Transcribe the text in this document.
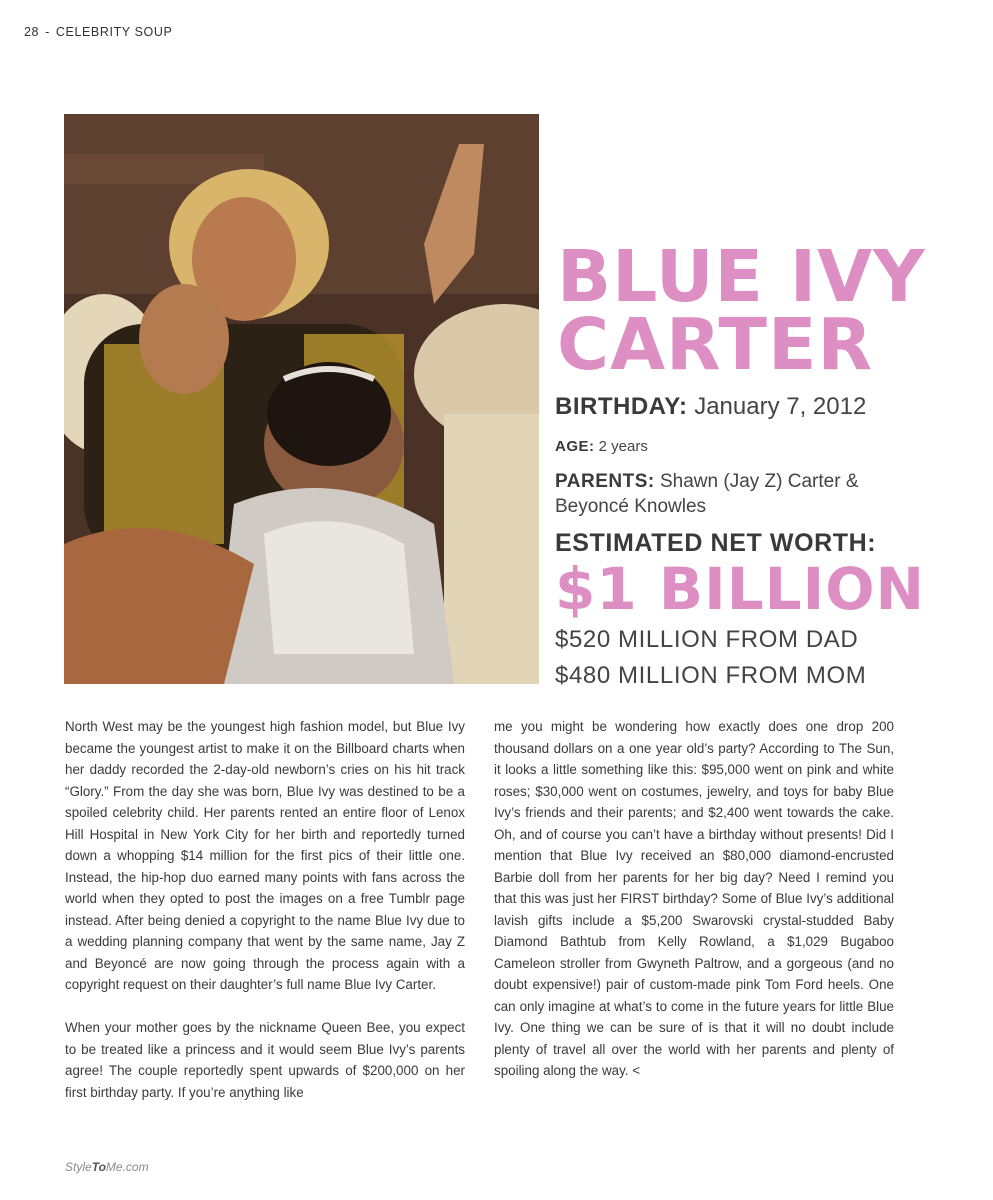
28 - CELEBRITY SOUP
BLUE IVY
CARTER
BIRTHDAY: January 7, 2012
AGE: 2 years
PARENTS: Shawn (Jay Z) Carter & Beyoncé Knowles
ESTIMATED NET WORTH:
$1 BILLION
$520 MILLION FROM DAD
$480 MILLION FROM MOM

North West may be the youngest high fashion model, but Blue Ivy became the youngest artist to make it on the Billboard charts when her daddy recorded the 2-day-old newborn’s cries on his hit track “Glory.” From the day she was born, Blue Ivy was destined to be a spoiled celebrity child. Her parents rented an entire floor of Lenox Hill Hospital in New York City for her birth and reportedly turned down a whopping $14 million for the first pics of their little one. Instead, the hip-hop duo earned many points with fans across the world when they opted to post the images on a free Tumblr page instead. After being denied a copyright to the name Blue Ivy due to a wedding planning company that went by the same name, Jay Z and Beyoncé are now going through the process again with a copyright request on their daughter’s full name Blue Ivy Carter.

When your mother goes by the nickname Queen Bee, you expect to be treated like a princess and it would seem Blue Ivy’s parents agree! The couple reportedly spent upwards of $200,000 on her first birthday party. If you’re anything like

me you might be wondering how exactly does one drop 200 thousand dollars on a one year old’s party? According to The Sun, it looks a little something like this: $95,000 went on pink and white roses; $30,000 went on costumes, jewelry, and toys for baby Blue Ivy’s friends and their parents; and $2,400 went towards the cake. Oh, and of course you can’t have a birthday without presents! Did I mention that Blue Ivy received an $80,000 diamond-encrusted Barbie doll from her parents for her big day? Need I remind you that this was just her FIRST birthday? Some of Blue Ivy’s additional lavish gifts include a $5,200 Swarovski crystal-studded Baby Diamond Bathtub from Kelly Rowland, a $1,029 Bugaboo Cameleon stroller from Gwyneth Paltrow, and a gorgeous (and no doubt expensive!) pair of custom-made pink Tom Ford heels. One can only imagine at what’s to come in the future years for little Blue Ivy. One thing we can be sure of is that it will no doubt include plenty of travel all over the world with her parents and plenty of spoiling along the way. <

StyleToMe.com
